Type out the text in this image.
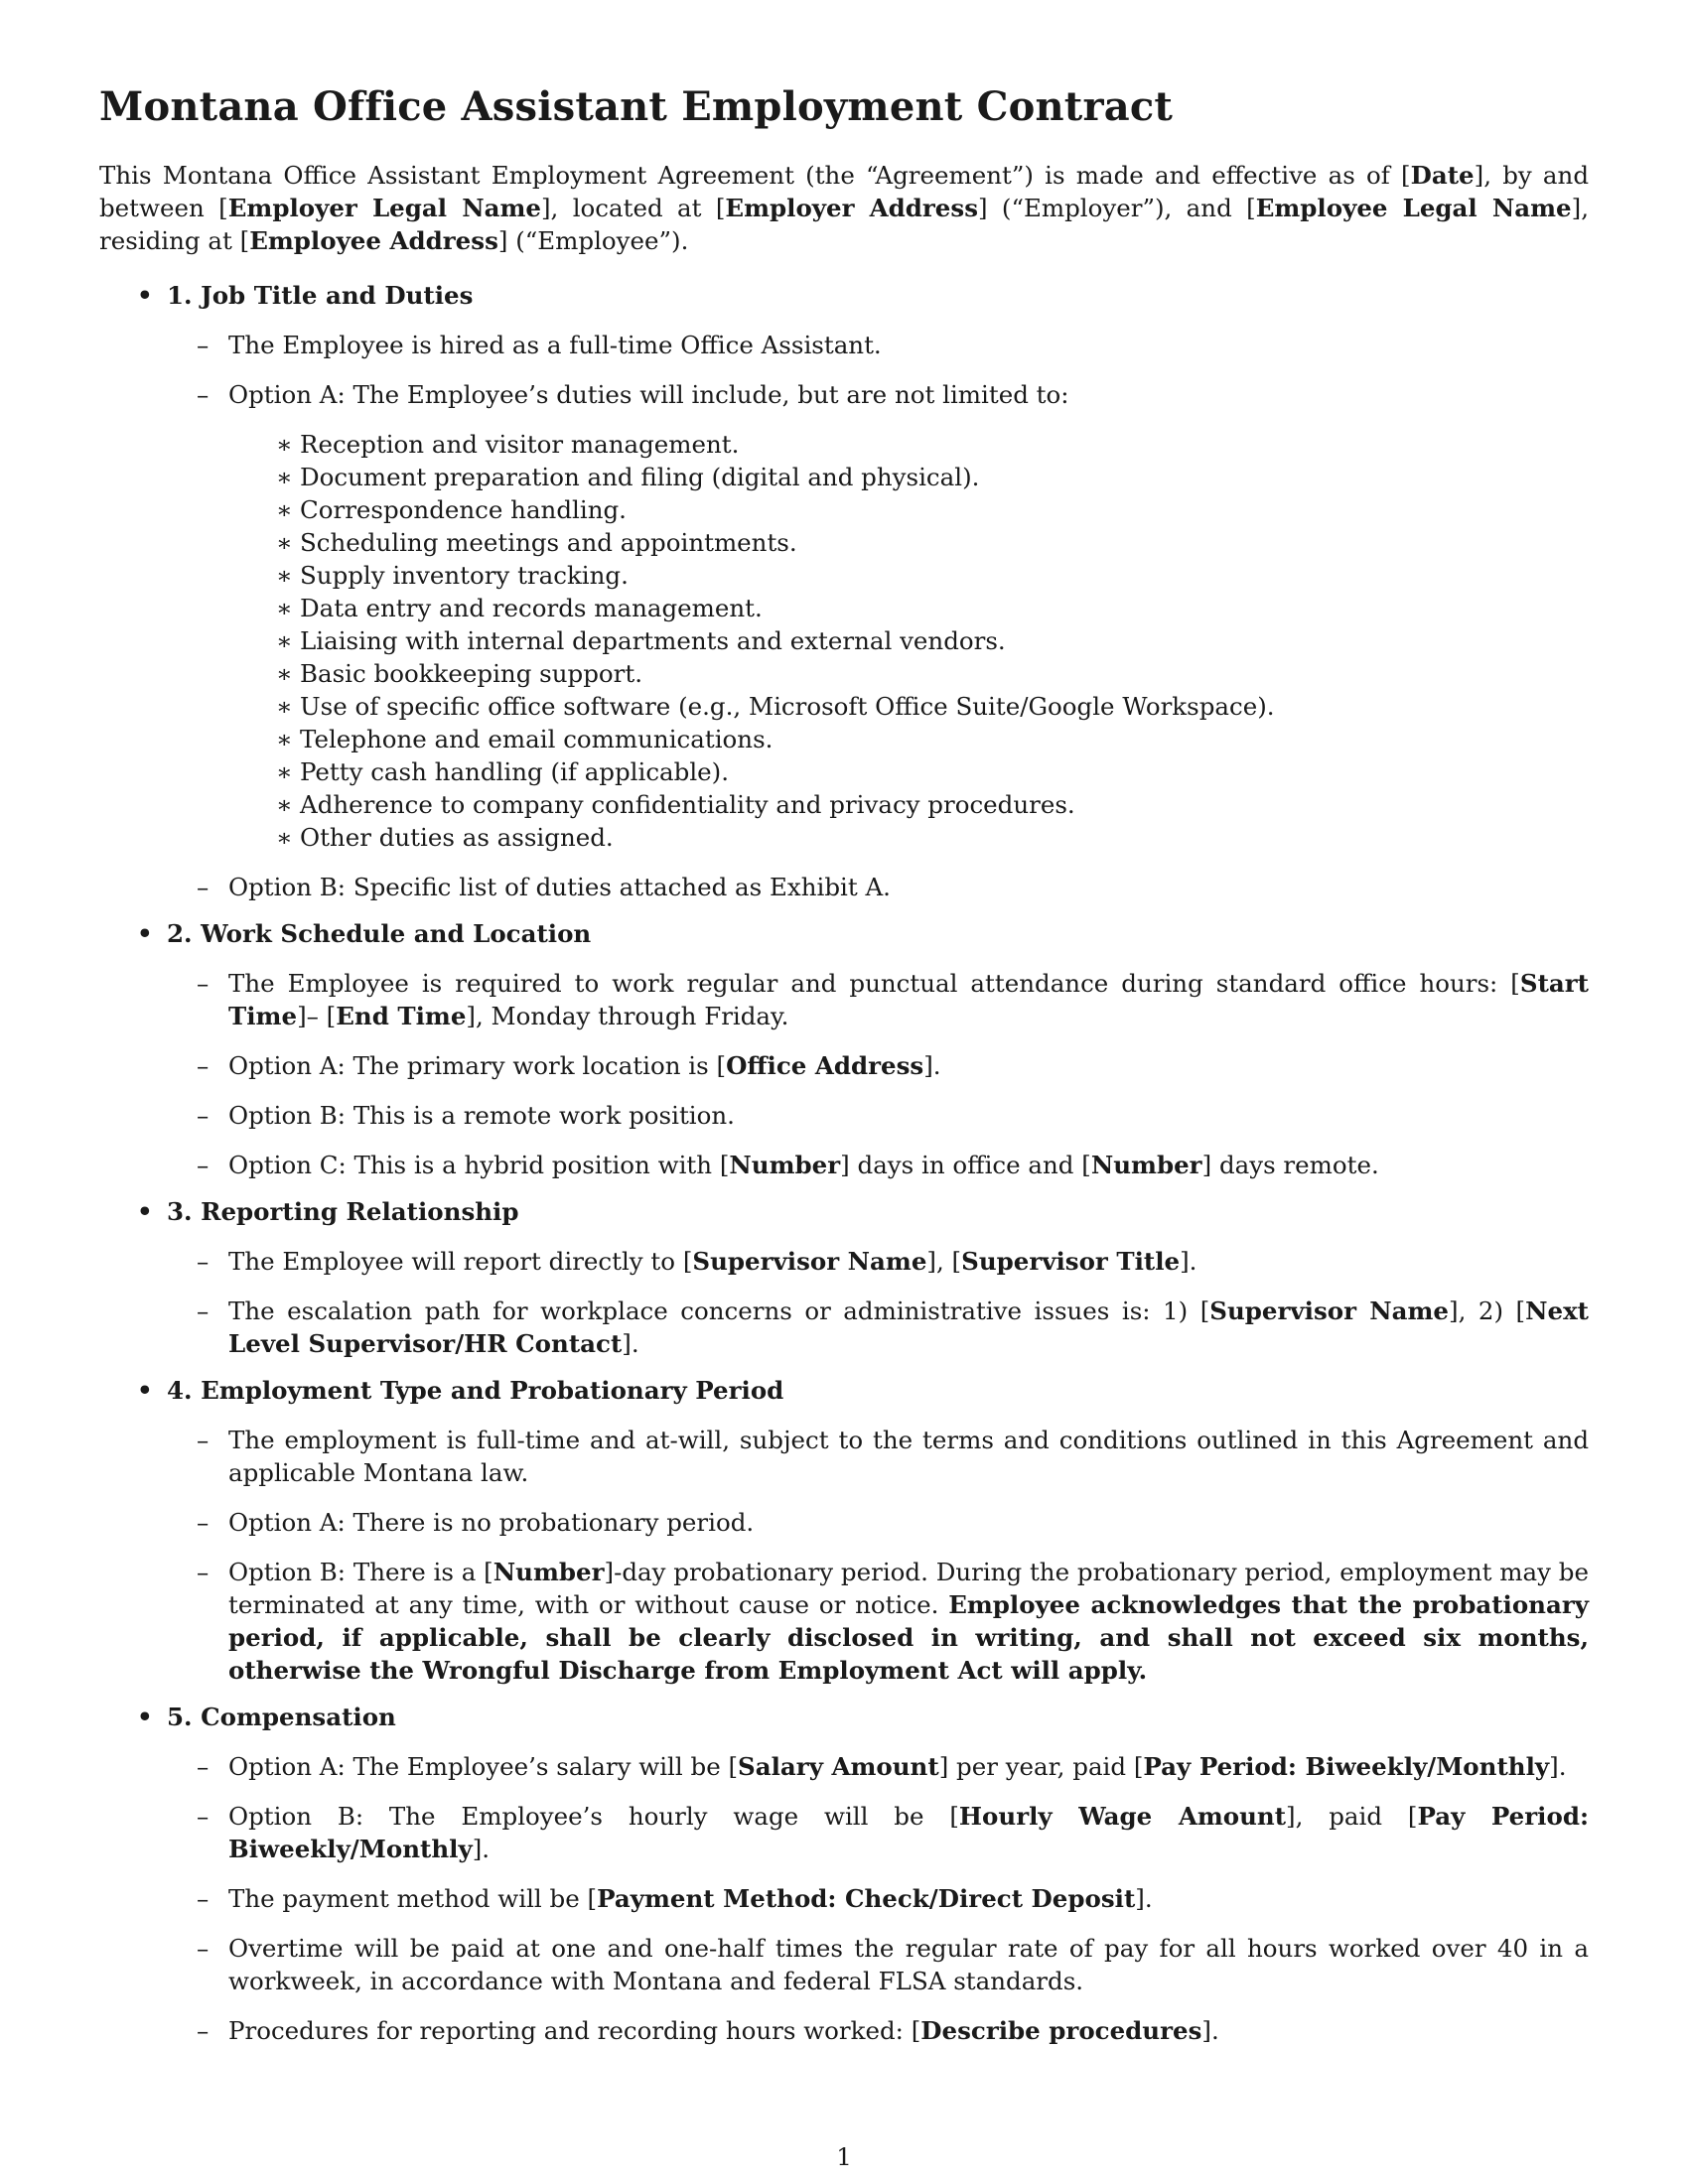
Montana Office Assistant Employment Contract

This Montana Office Assistant Employment Agreement (the “Agreement”) is made and effective as of [Date], by and between [Employer Legal Name], located at [Employer Address] (“Employer”), and [Employee Legal Name], residing at [Employee Address] (“Employee”).

• 1. Job Title and Duties
– The Employee is hired as a full-time Office Assistant.
– Option A: The Employee’s duties will include, but are not limited to:
∗ Reception and visitor management.
∗ Document preparation and filing (digital and physical).
∗ Correspondence handling.
∗ Scheduling meetings and appointments.
∗ Supply inventory tracking.
∗ Data entry and records management.
∗ Liaising with internal departments and external vendors.
∗ Basic bookkeeping support.
∗ Use of specific office software (e.g., Microsoft Office Suite/Google Workspace).
∗ Telephone and email communications.
∗ Petty cash handling (if applicable).
∗ Adherence to company confidentiality and privacy procedures.
∗ Other duties as assigned.
– Option B: Specific list of duties attached as Exhibit A.
• 2. Work Schedule and Location
– The Employee is required to work regular and punctual attendance during standard office hours: [Start Time]– [End Time], Monday through Friday.
– Option A: The primary work location is [Office Address].
– Option B: This is a remote work position.
– Option C: This is a hybrid position with [Number] days in office and [Number] days remote.
• 3. Reporting Relationship
– The Employee will report directly to [Supervisor Name], [Supervisor Title].
– The escalation path for workplace concerns or administrative issues is: 1) [Supervisor Name], 2) [Next Level Supervisor/HR Contact].
• 4. Employment Type and Probationary Period
– The employment is full-time and at-will, subject to the terms and conditions outlined in this Agreement and applicable Montana law.
– Option A: There is no probationary period.
– Option B: There is a [Number]-day probationary period. During the probationary period, employment may be terminated at any time, with or without cause or notice. Employee acknowledges that the probationary period, if applicable, shall be clearly disclosed in writing, and shall not exceed six months, otherwise the Wrongful Discharge from Employment Act will apply.
• 5. Compensation
– Option A: The Employee’s salary will be [Salary Amount] per year, paid [Pay Period: Biweekly/Monthly].
– Option B: The Employee’s hourly wage will be [Hourly Wage Amount], paid [Pay Period: Biweekly/Monthly].
– The payment method will be [Payment Method: Check/Direct Deposit].
– Overtime will be paid at one and one-half times the regular rate of pay for all hours worked over 40 in a workweek, in accordance with Montana and federal FLSA standards.
– Procedures for reporting and recording hours worked: [Describe procedures].
1
